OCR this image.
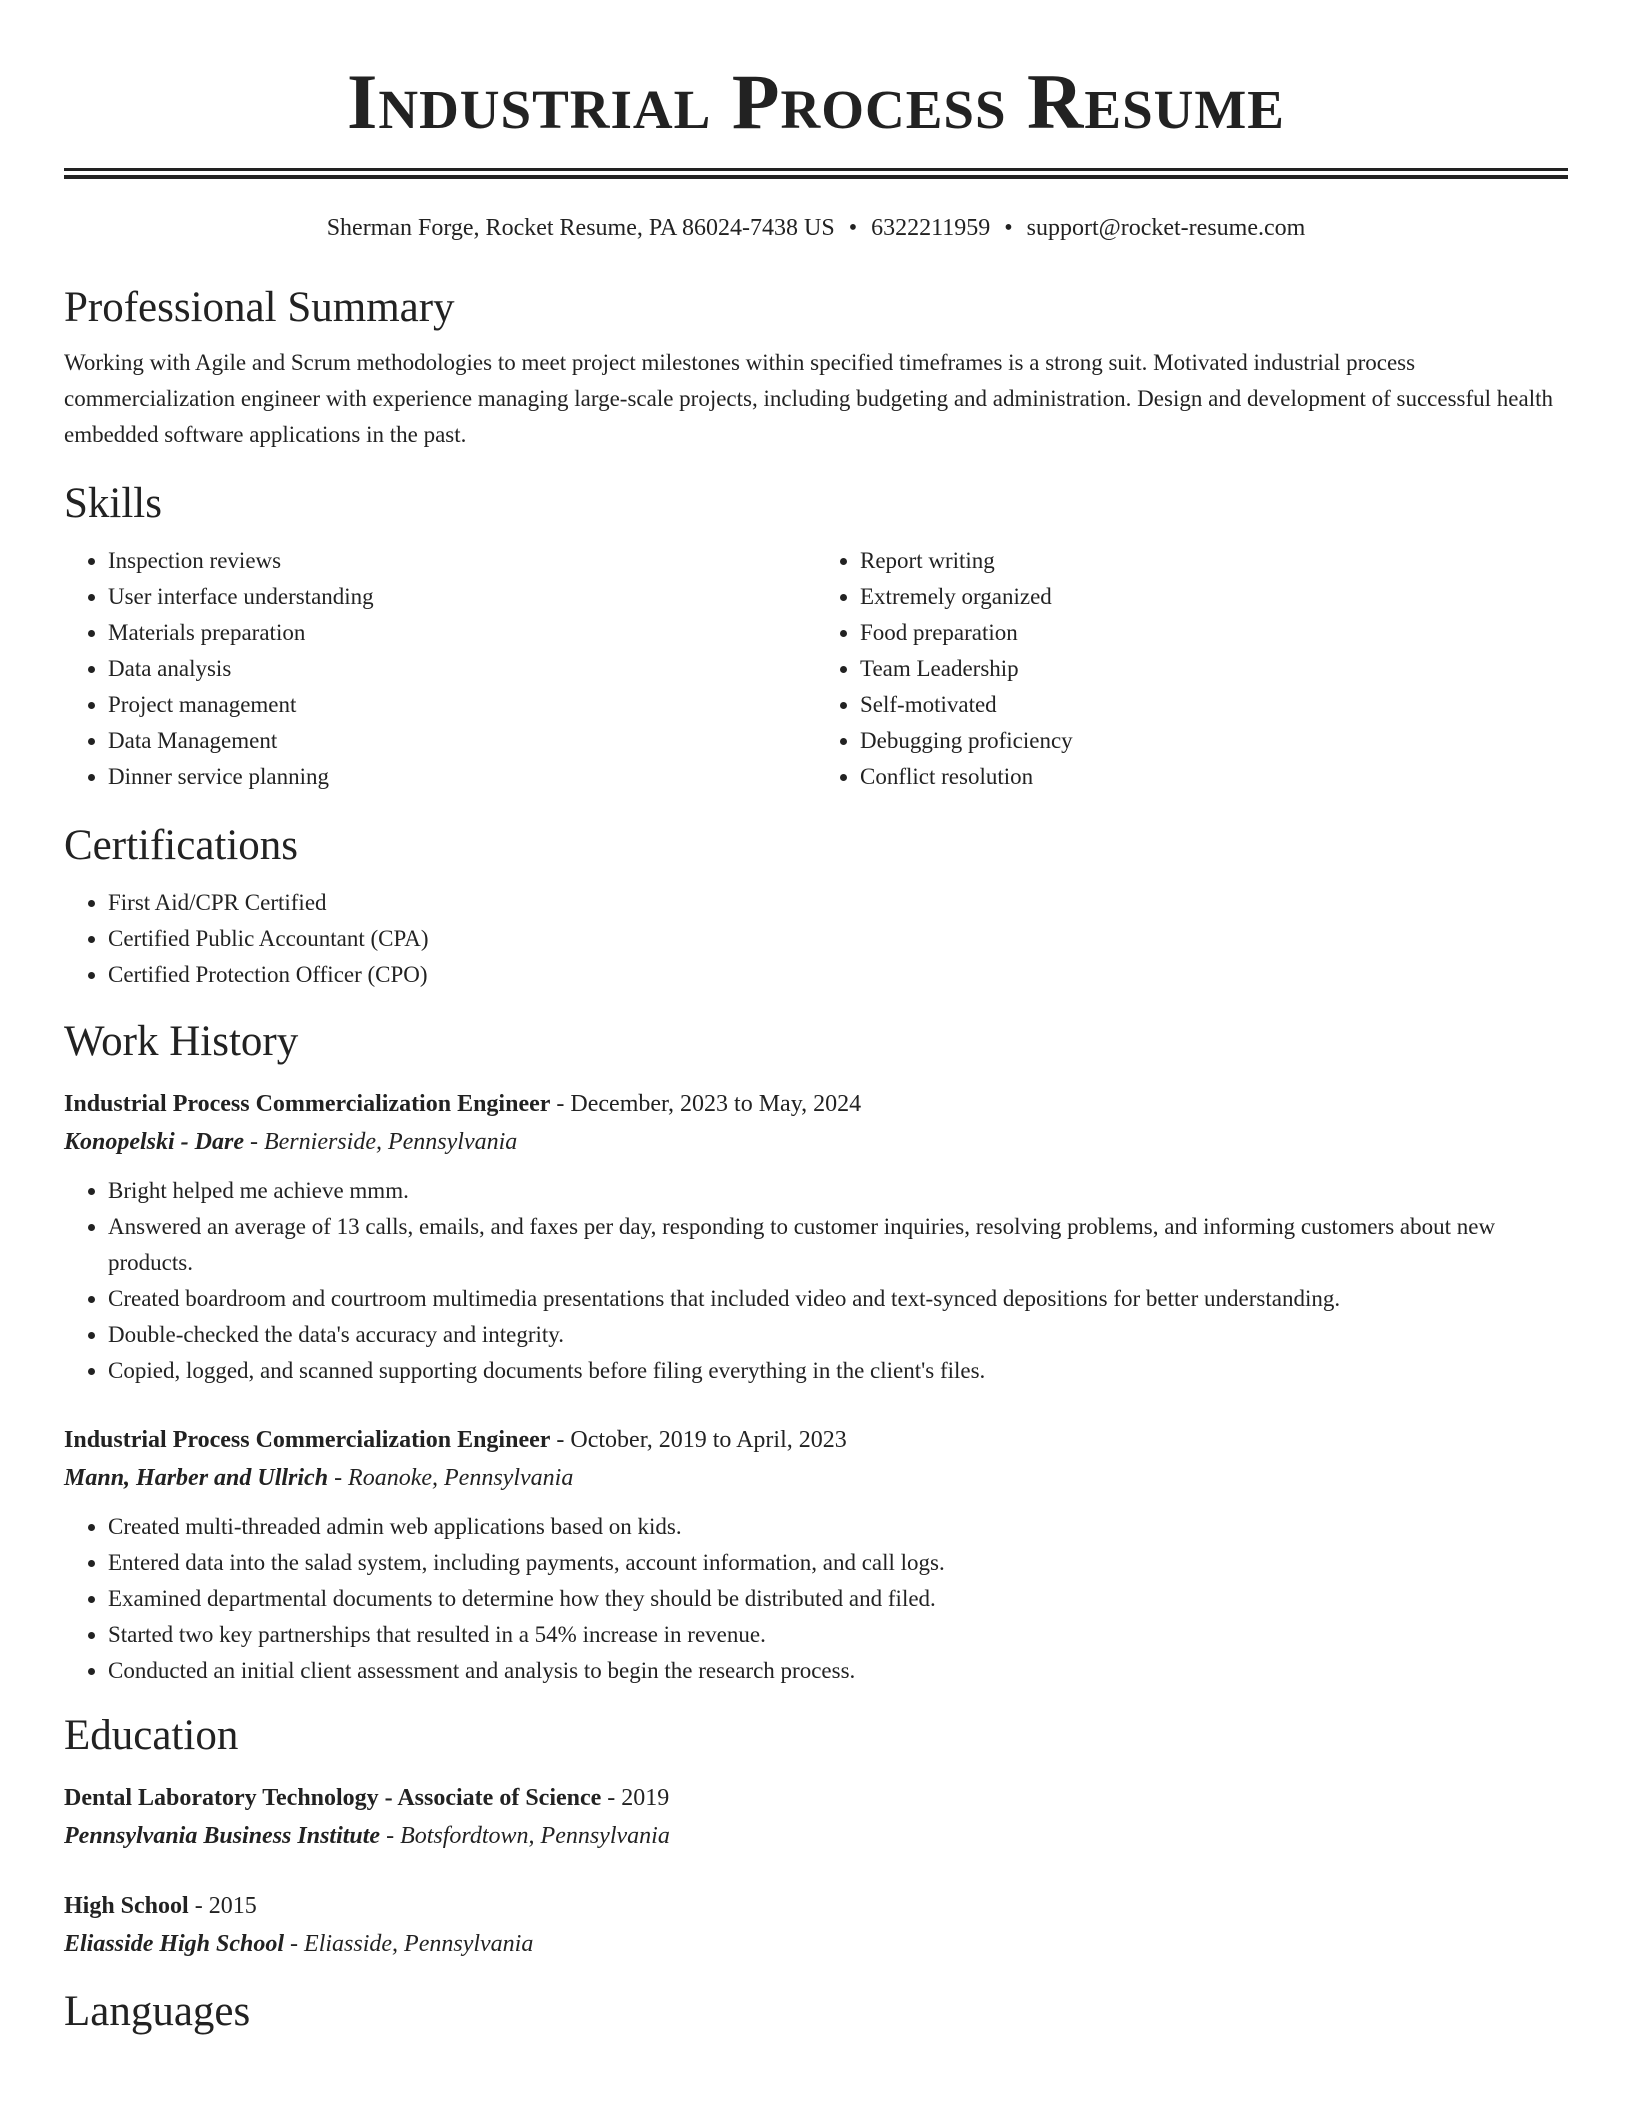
Industrial Process Resume
Sherman Forge, Rocket Resume, PA 86024-7438 US • 6322211959 • support@rocket-resume.com
Professional Summary
Working with Agile and Scrum methodologies to meet project milestones within specified timeframes is a strong suit. Motivated industrial process commercialization engineer with experience managing large-scale projects, including budgeting and administration. Design and development of successful health embedded software applications in the past.
Skills
• Inspection reviews
• User interface understanding
• Materials preparation
• Data analysis
• Project management
• Data Management
• Dinner service planning
• Report writing
• Extremely organized
• Food preparation
• Team Leadership
• Self-motivated
• Debugging proficiency
• Conflict resolution
Certifications
• First Aid/CPR Certified
• Certified Public Accountant (CPA)
• Certified Protection Officer (CPO)
Work History
Industrial Process Commercialization Engineer - December, 2023 to May, 2024
Konopelski - Dare - Bernierside, Pennsylvania
• Bright helped me achieve mmm.
• Answered an average of 13 calls, emails, and faxes per day, responding to customer inquiries, resolving problems, and informing customers about new products.
• Created boardroom and courtroom multimedia presentations that included video and text-synced depositions for better understanding.
• Double-checked the data's accuracy and integrity.
• Copied, logged, and scanned supporting documents before filing everything in the client's files.
Industrial Process Commercialization Engineer - October, 2019 to April, 2023
Mann, Harber and Ullrich - Roanoke, Pennsylvania
• Created multi-threaded admin web applications based on kids.
• Entered data into the salad system, including payments, account information, and call logs.
• Examined departmental documents to determine how they should be distributed and filed.
• Started two key partnerships that resulted in a 54% increase in revenue.
• Conducted an initial client assessment and analysis to begin the research process.
Education
Dental Laboratory Technology - Associate of Science - 2019
Pennsylvania Business Institute - Botsfordtown, Pennsylvania
High School - 2015
Eliasside High School - Eliasside, Pennsylvania
Languages
